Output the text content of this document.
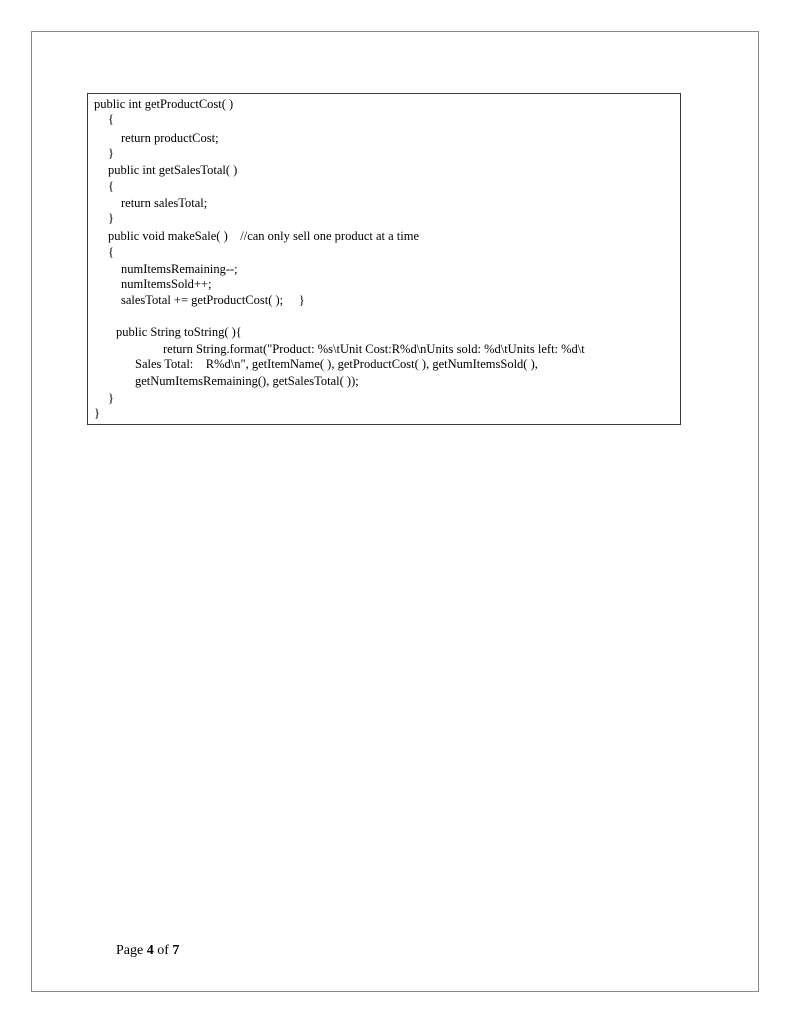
public int getProductCost( )
{
return productCost;
}
public int getSalesTotal( )
{
return salesTotal;
}
public void makeSale( )    //can only sell one product at a time
{
numItemsRemaining--;
numItemsSold++;
salesTotal += getProductCost( );     }
public String toString( ){
return String.format("Product: %s\tUnit Cost:R%d\nUnits sold: %d\tUnits left: %d\t
Sales Total:    R%d\n", getItemName( ), getProductCost( ), getNumItemsSold( ),
getNumItemsRemaining(), getSalesTotal( ));
}
}
Page 4 of 7
